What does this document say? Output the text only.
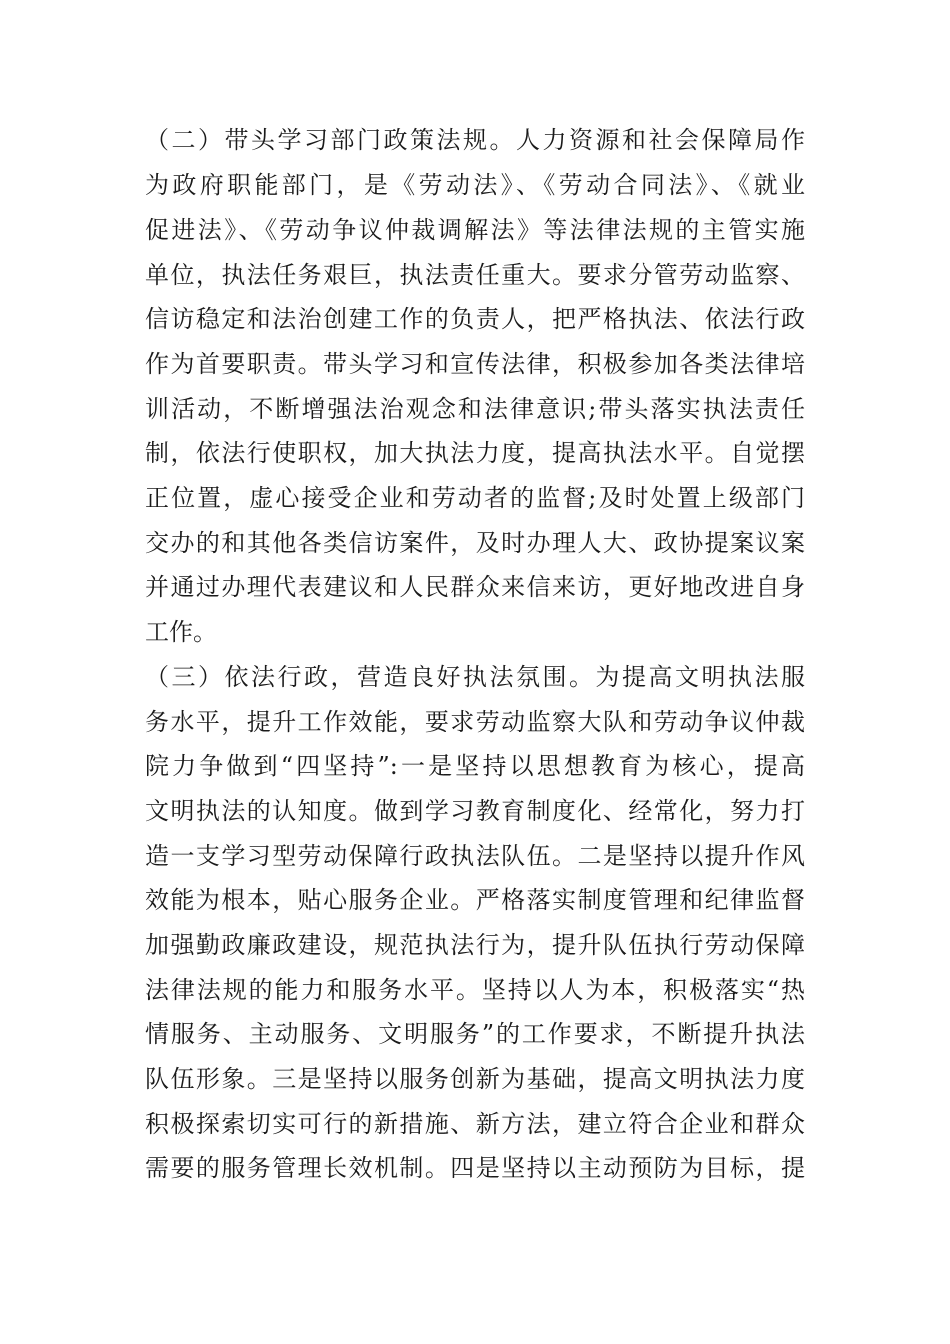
（二）带头学习部门政策法规。人力资源和社会保障局作
为政府职能部门，是《劳动法》、《劳动合同法》、《就业
促进法》、《劳动争议仲裁调解法》等法律法规的主管实施
单位，执法任务艰巨，执法责任重大。要求分管劳动监察、
信访稳定和法治创建工作的负责人，把严格执法、依法行政
作为首要职责。带头学习和宣传法律，积极参加各类法律培
训活动，不断增强法治观念和法律意识;带头落实执法责任
制，依法行使职权，加大执法力度，提高执法水平。自觉摆
正位置，虚心接受企业和劳动者的监督;及时处置上级部门
交办的和其他各类信访案件，及时办理人大、政协提案议案
并通过办理代表建议和人民群众来信来访，更好地改进自身
工作。
（三）依法行政，营造良好执法氛围。为提高文明执法服
务水平，提升工作效能，要求劳动监察大队和劳动争议仲裁
院力争做到“四坚持”:一是坚持以思想教育为核心，提高
文明执法的认知度。做到学习教育制度化、经常化，努力打
造一支学习型劳动保障行政执法队伍。二是坚持以提升作风
效能为根本，贴心服务企业。严格落实制度管理和纪律监督
加强勤政廉政建设，规范执法行为，提升队伍执行劳动保障
法律法规的能力和服务水平。坚持以人为本，积极落实“热
情服务、主动服务、文明服务”的工作要求，不断提升执法
队伍形象。三是坚持以服务创新为基础，提高文明执法力度
积极探索切实可行的新措施、新方法，建立符合企业和群众
需要的服务管理长效机制。四是坚持以主动预防为目标，提
